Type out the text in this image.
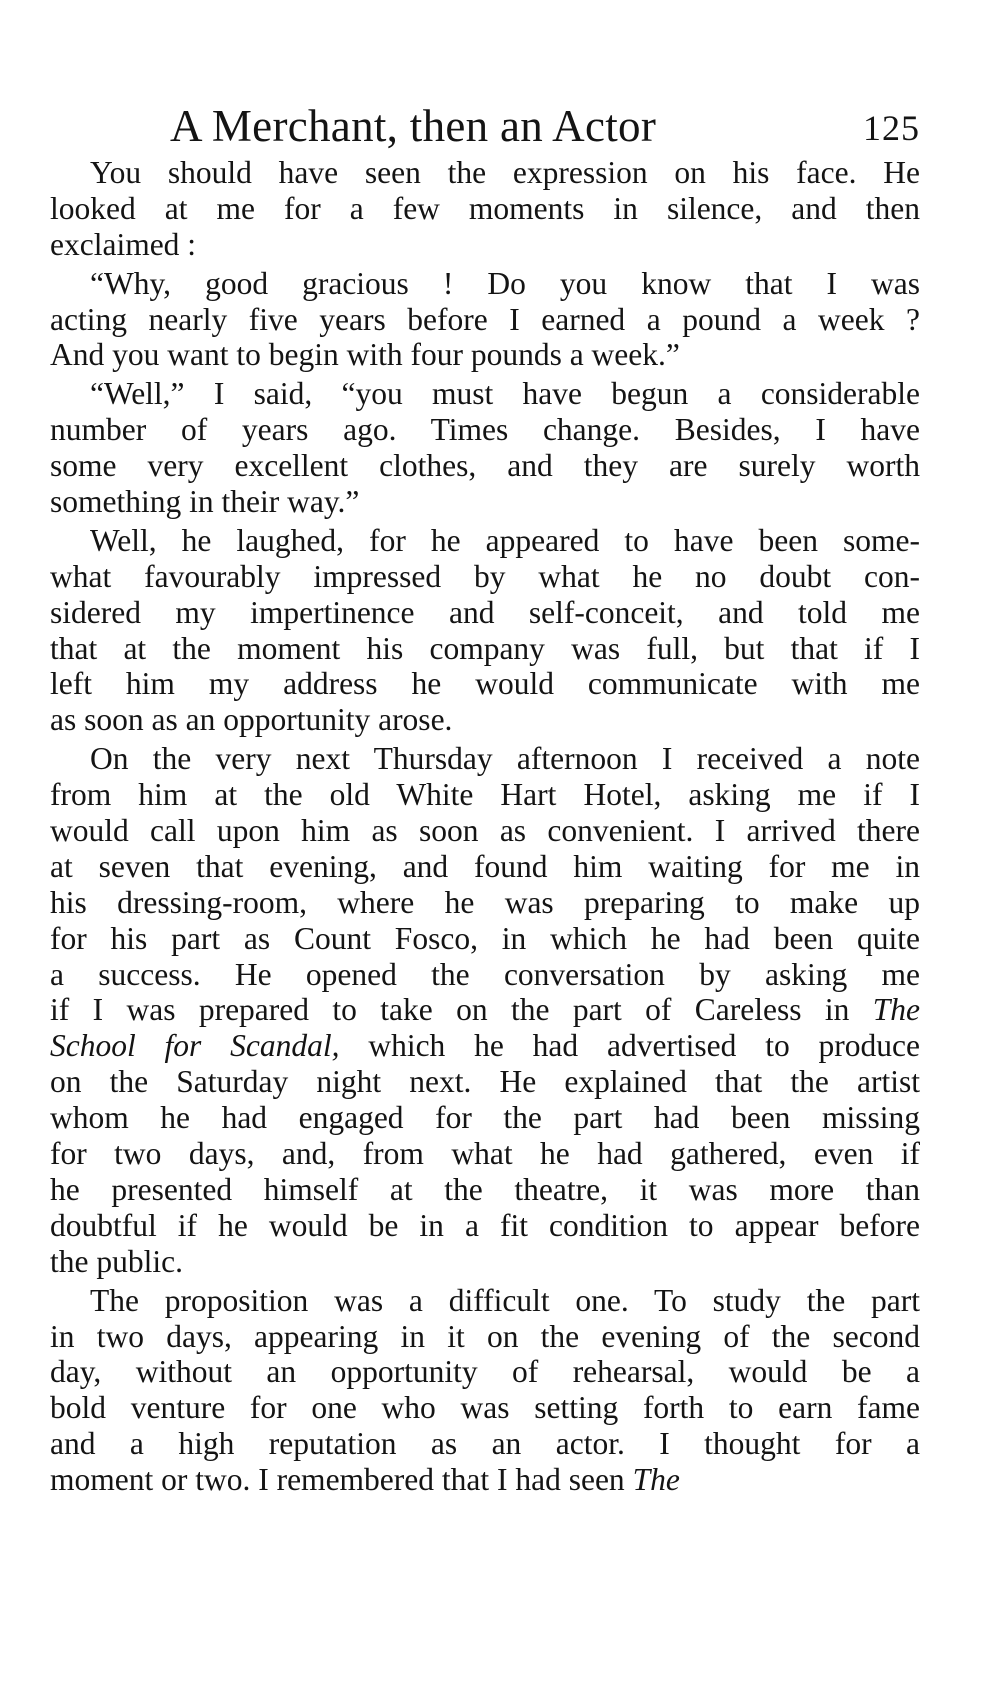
A Merchant, then an Actor	125
You should have seen the expression on his face. He
looked at me for a few moments in silence, and then
exclaimed :
“Why, good gracious ! Do you know that I was
acting nearly five years before I earned a pound a week ?
And you want to begin with four pounds a week.”
“Well,” I said, “you must have begun a considerable
number of years ago. Times change. Besides, I have
some very excellent clothes, and they are surely worth
something in their way.”
Well, he laughed, for he appeared to have been some-
what favourably impressed by what he no doubt con-
sidered my impertinence and self-conceit, and told me
that at the moment his company was full, but that if I
left him my address he would communicate with me
as soon as an opportunity arose.
On the very next Thursday afternoon I received a note
from him at the old White Hart Hotel, asking me if I
would call upon him as soon as convenient. I arrived there
at seven that evening, and found him waiting for me in
his dressing-room, where he was preparing to make up
for his part as Count Fosco, in which he had been quite
a success. He opened the conversation by asking me
if I was prepared to take on the part of Careless in The
School for Scandal, which he had advertised to produce
on the Saturday night next. He explained that the artist
whom he had engaged for the part had been missing
for two days, and, from what he had gathered, even if
he presented himself at the theatre, it was more than
doubtful if he would be in a fit condition to appear before
the public.
The proposition was a difficult one. To study the part
in two days, appearing in it on the evening of the second
day, without an opportunity of rehearsal, would be a
bold venture for one who was setting forth to earn fame
and a high reputation as an actor. I thought for a
moment or two. I remembered that I had seen The
